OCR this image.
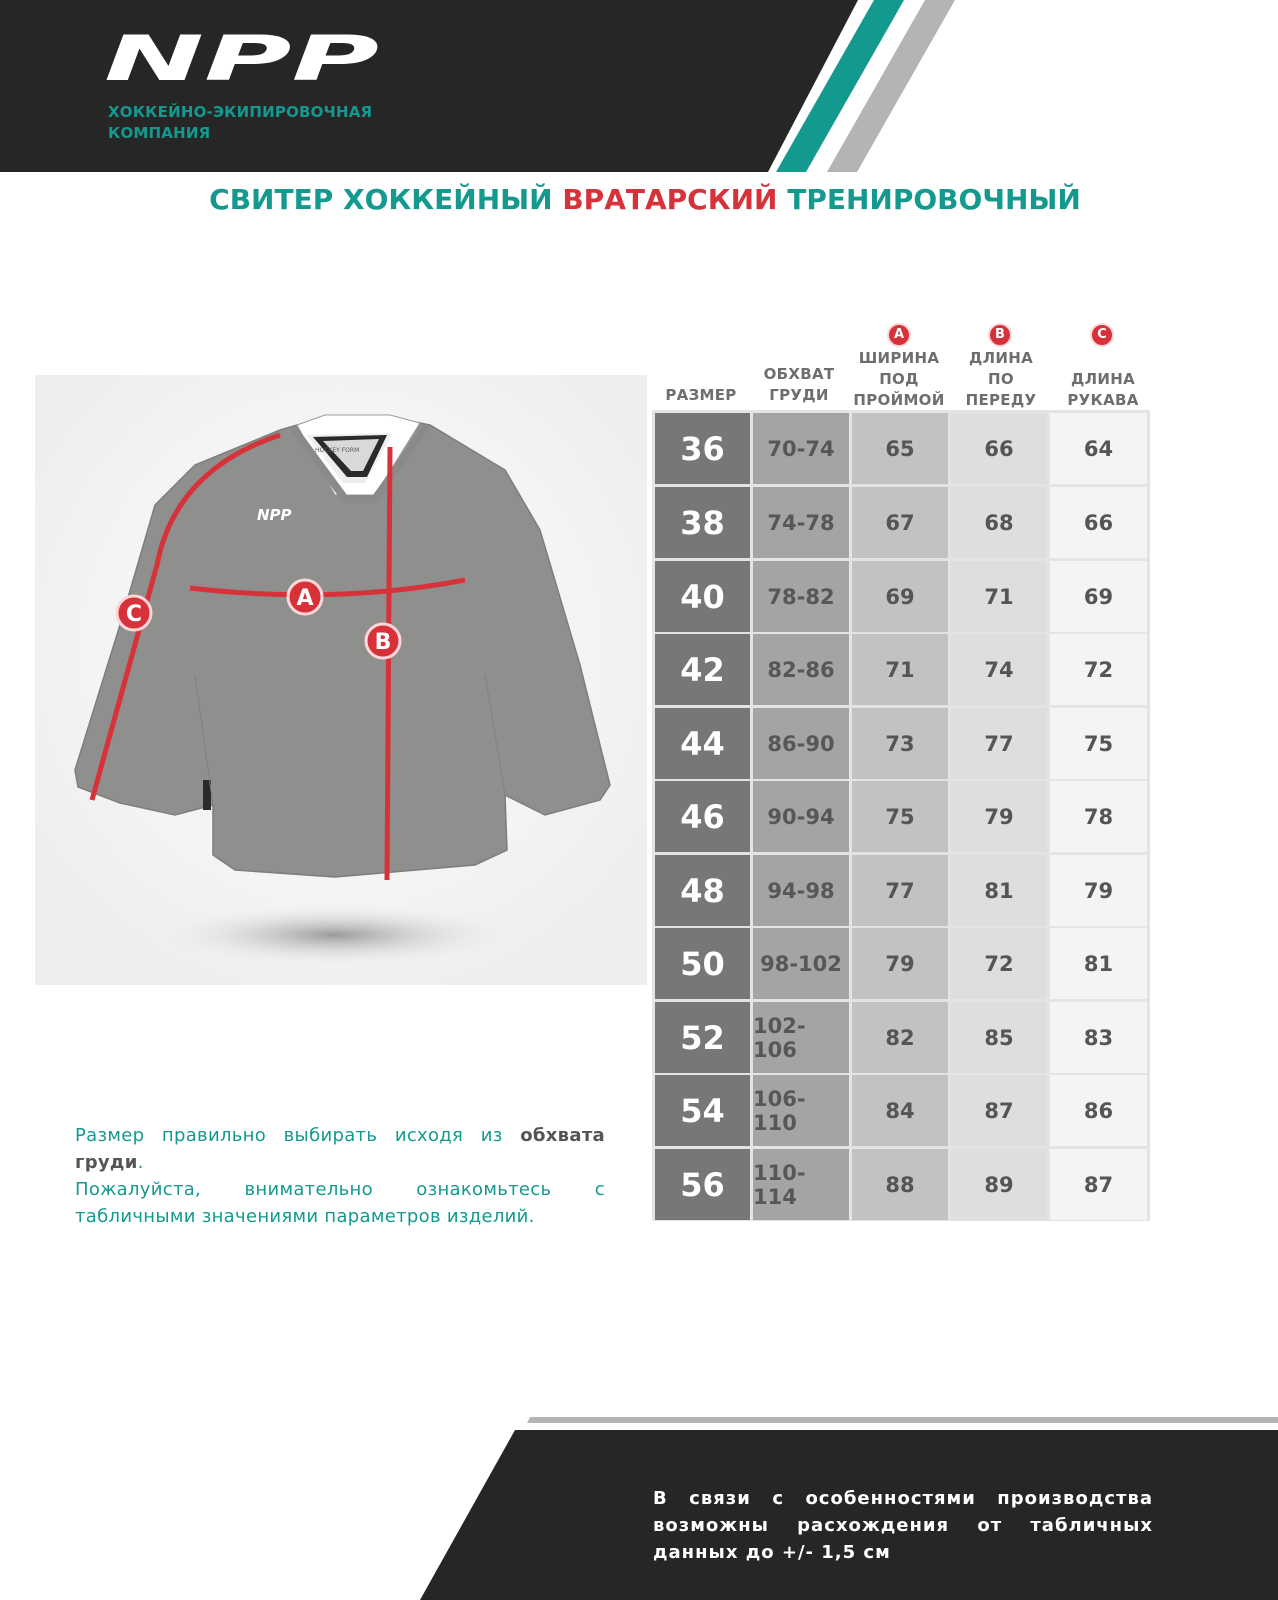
NPP
ХОККЕЙНО-ЭКИПИРОВОЧНАЯ
КОМПАНИЯ
СВИТЕР ХОККЕЙНЫЙ ВРАТАРСКИЙ ТРЕНИРОВОЧНЫЙ
HOCKEY FORM
NPP
A
B
C
РАЗМЕР
ОБХВАТ
ГРУДИ
A
ШИРИНА
ПОД
ПРОЙМОЙ
B
ДЛИНА
ПО
ПЕРЕДУ
C
ДЛИНА
РУКАВА
36	70-74	65	66	64
38	74-78	67	68	66
40	78-82	69	71	69
42	82-86	71	74	72
44	86-90	73	77	75
46	90-94	75	79	78
48	94-98	77	81	79
50	98-102	79	72	81
52	102-106	82	85	83
54	106-110	84	87	86
56	110-114	88	89	87
Размер правильно выбирать исходя из обхвата груди.
Пожалуйста, внимательно ознакомьтесь с табличными значениями параметров изделий.
В связи с особенностями производства возможны расхождения от табличных данных до +/- 1,5 см
